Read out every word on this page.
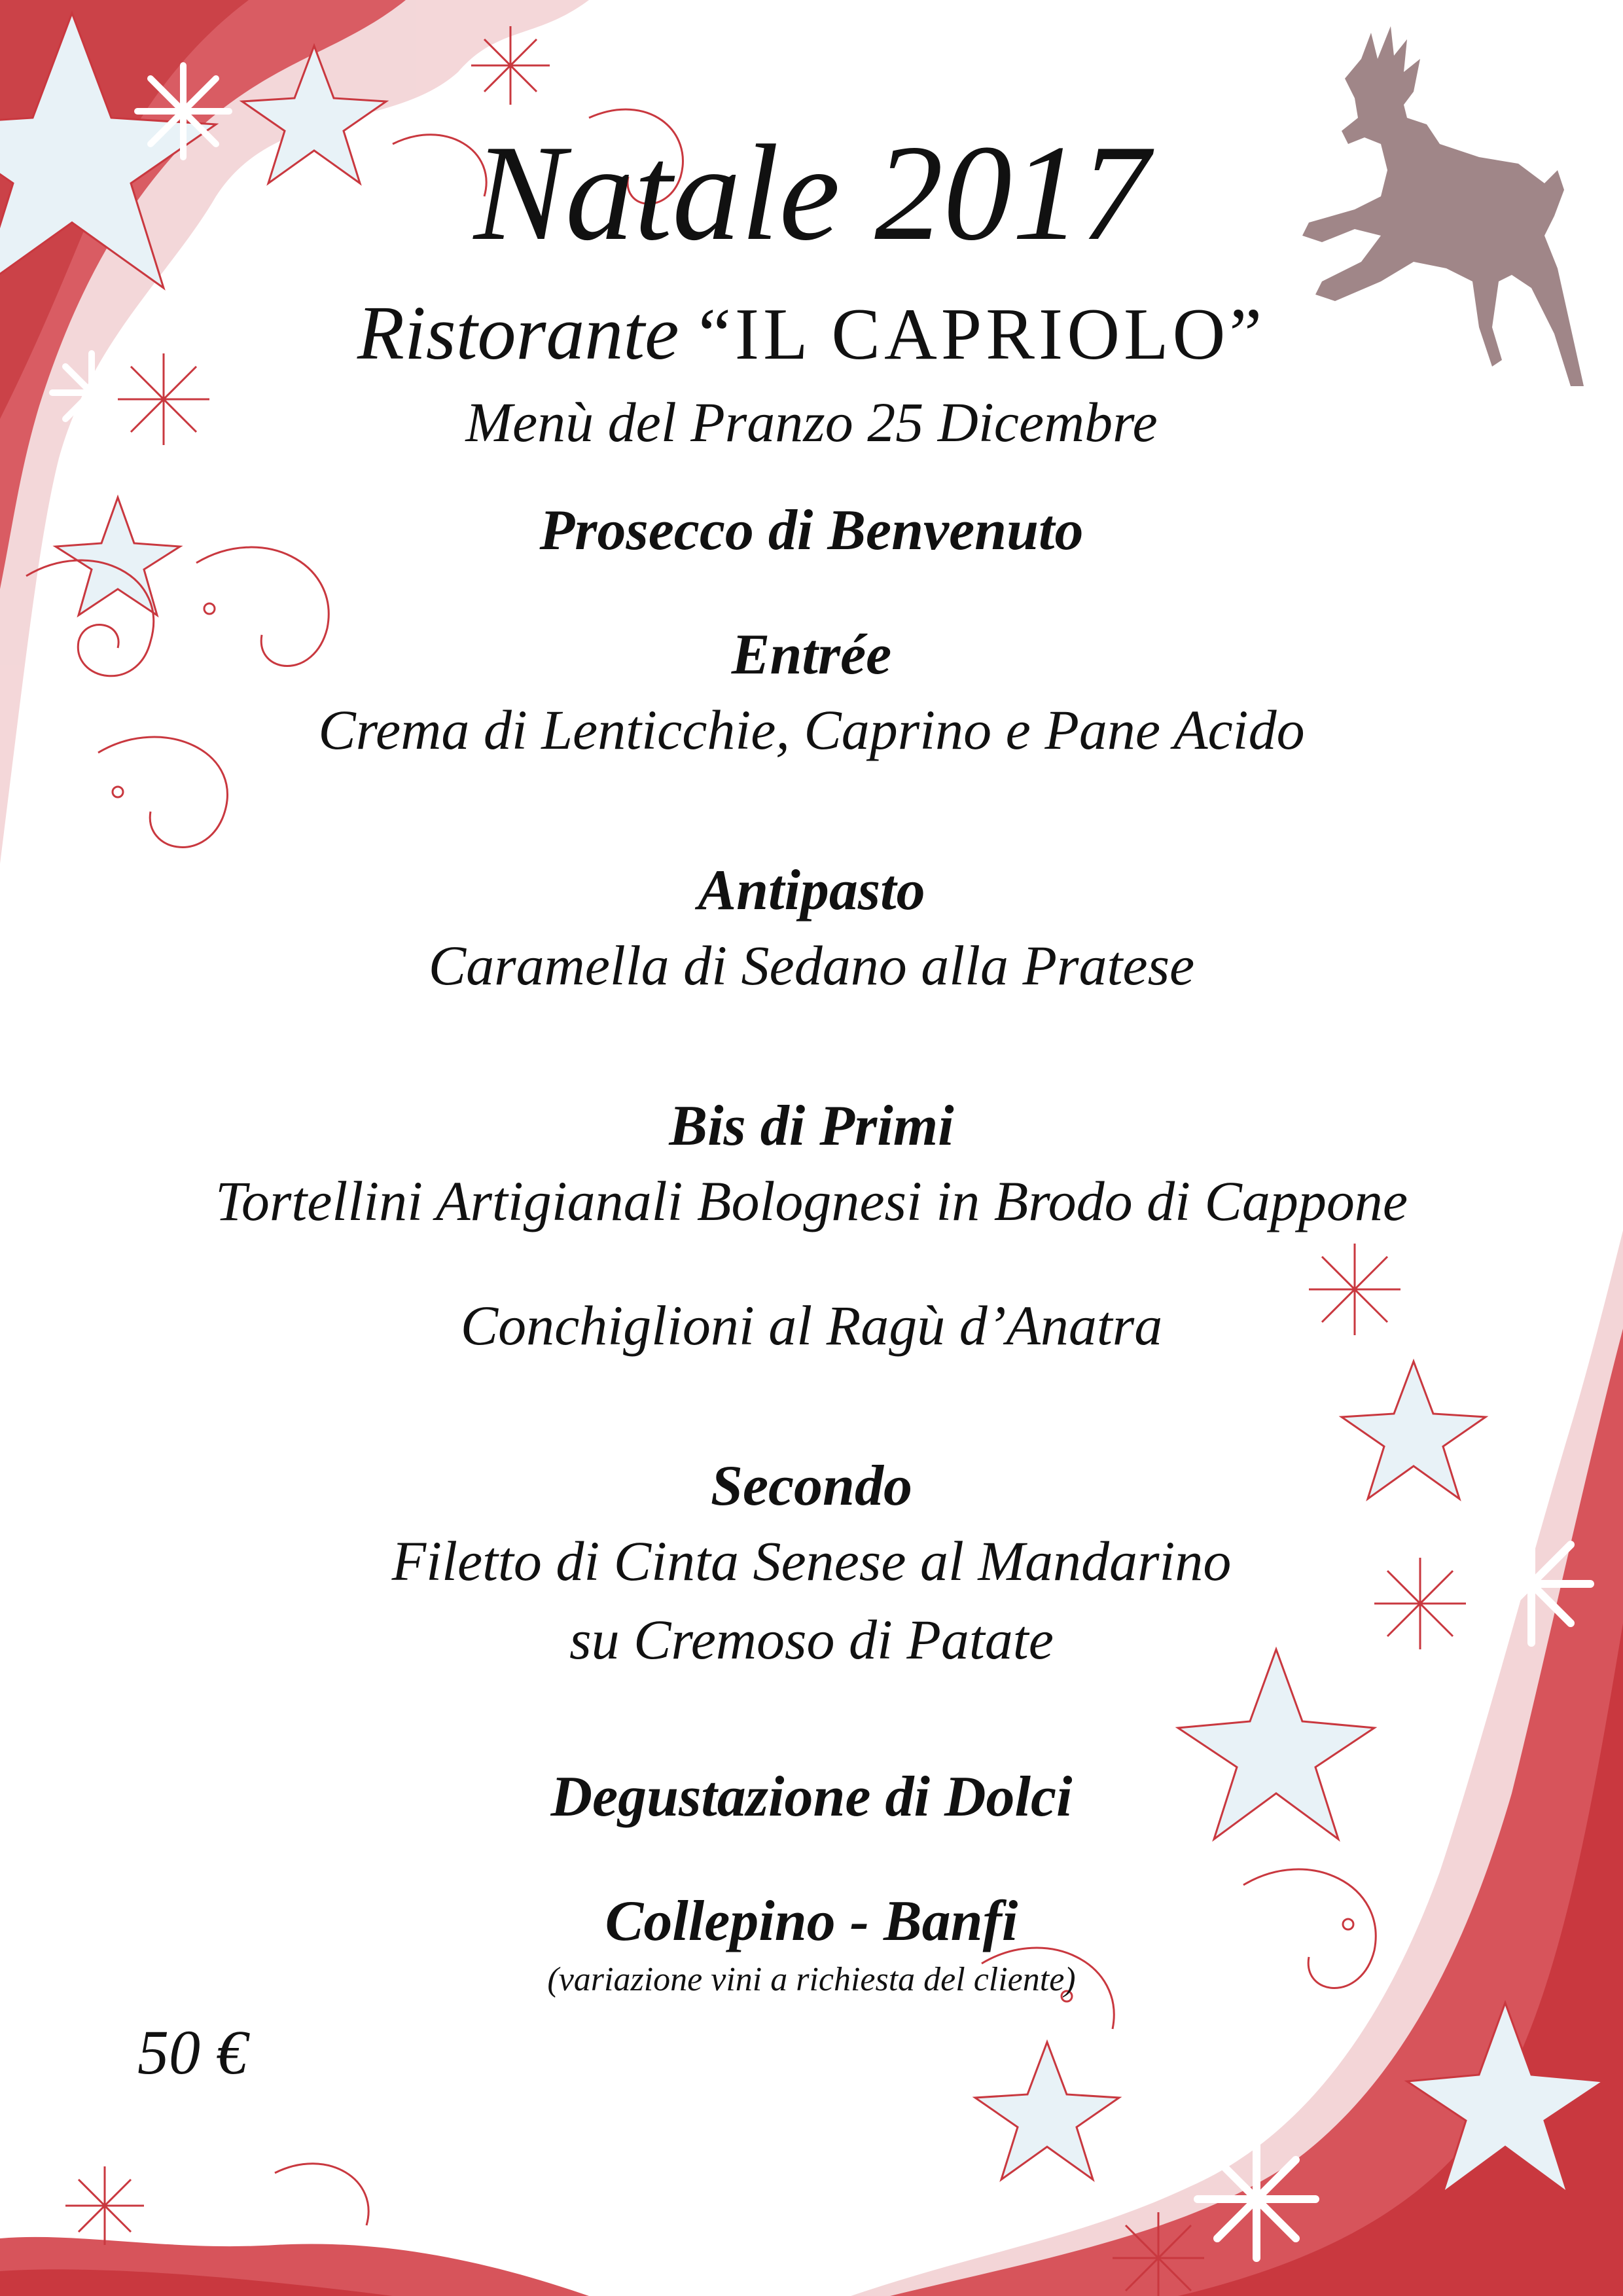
Natale 2017
Ristorante “IL CAPRIOLO”
Menù del Pranzo 25 Dicembre
Prosecco di Benvenuto
Entrée
Crema di Lenticchie, Caprino e Pane Acido
Antipasto
Caramella di Sedano alla Pratese
Bis di Primi
Tortellini Artigianali Bolognesi in Brodo di Cappone
Conchiglioni al Ragù d’Anatra
Secondo
Filetto di Cinta Senese al Mandarino
su Cremoso di Patate
Degustazione di Dolci
Collepino - Banfi
(variazione vini a richiesta del cliente)
50 €
